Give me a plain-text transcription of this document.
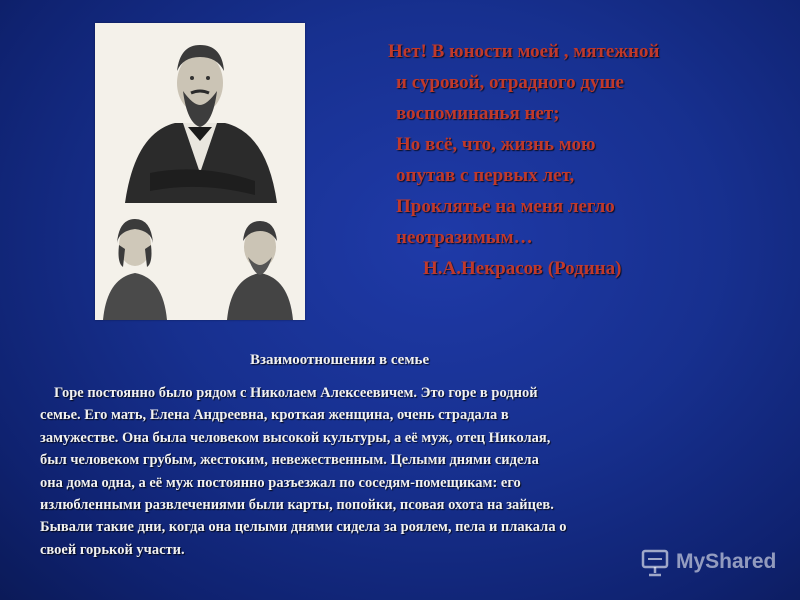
Нет! В юности моей , мятежной
и суровой, отрадного душе
воспоминанья нет;
Но всё, что, жизнь мою
опутав с первых лет,
Проклятье на меня легло
неотразимым…
Н.А.Некрасов (Родина)
Взаимоотношения в семье
Горе постоянно было рядом с Николаем Алексеевичем. Это горе в родной
семье. Его мать, Елена Андреевна, кроткая женщина, очень страдала в
замужестве. Она была человеком высокой культуры, а её муж, отец Николая,
был человеком грубым, жестоким, невежественным. Целыми днями сидела
она дома одна, а её муж постоянно разъезжал по соседям-помещикам: его
излюбленными развлечениями были карты, попойки, псовая охота на зайцев.
Бывали такие дни, когда она целыми днями сидела за роялем, пела и плакала о
своей горькой участи.
MyShared
